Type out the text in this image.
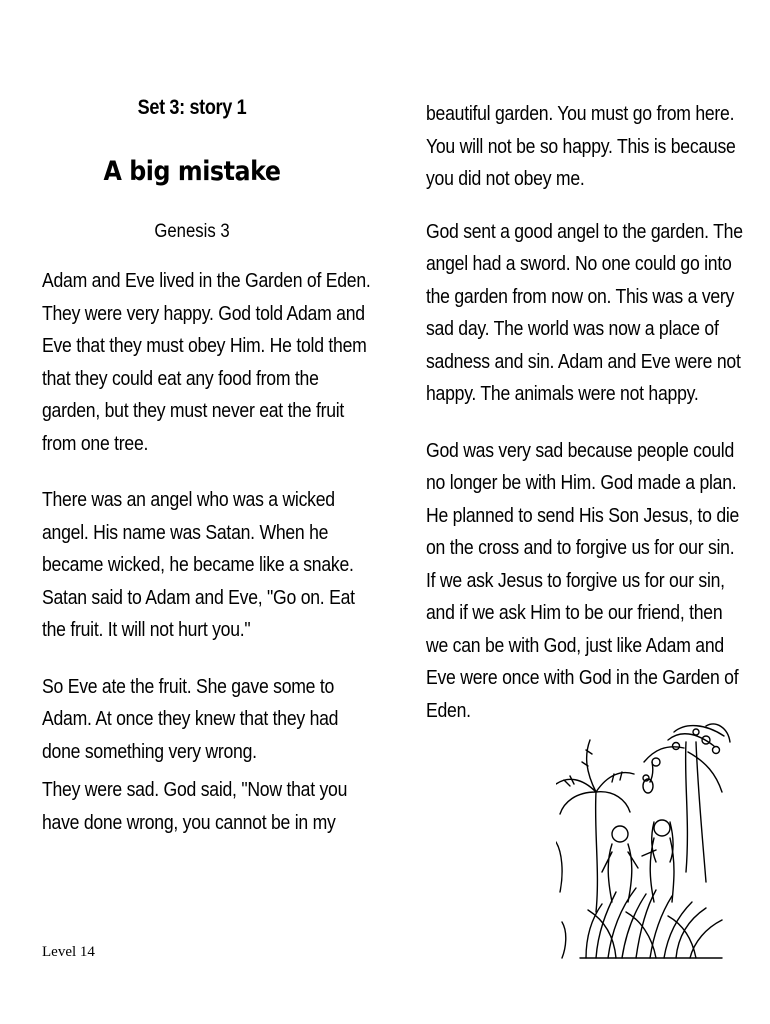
Set 3: story 1
A big mistake
Genesis 3
Adam and Eve lived in the Garden of Eden. They were very happy. God told Adam and Eve that they must obey Him. He told them that they could eat any food from the garden, but they must never eat the fruit from one tree.
There was an angel who was a wicked angel. His name was Satan. When he became wicked, he became like a snake. Satan said to Adam and Eve, "Go on. Eat the fruit. It will not hurt you."
So Eve ate the fruit. She gave some to Adam. At once they knew that they had done something very wrong.
They were sad. God said, "Now that you have done wrong, you cannot be in my
beautiful garden. You must go from here. You will not be so happy. This is because you did not obey me.
God sent a good angel to the garden. The angel had a sword. No one could go into the garden from now on. This was a very sad day. The world was now a place of sadness and sin. Adam and Eve were not happy. The animals were not happy.
God was very sad because people could no longer be with Him. God made a plan. He planned to send His Son Jesus, to die on the cross and to forgive us for our sin. If we ask Jesus to forgive us for our sin, and if we ask Him to be our friend, then we can be with God, just like Adam and Eve were once with God in the Garden of Eden.
Level 14
